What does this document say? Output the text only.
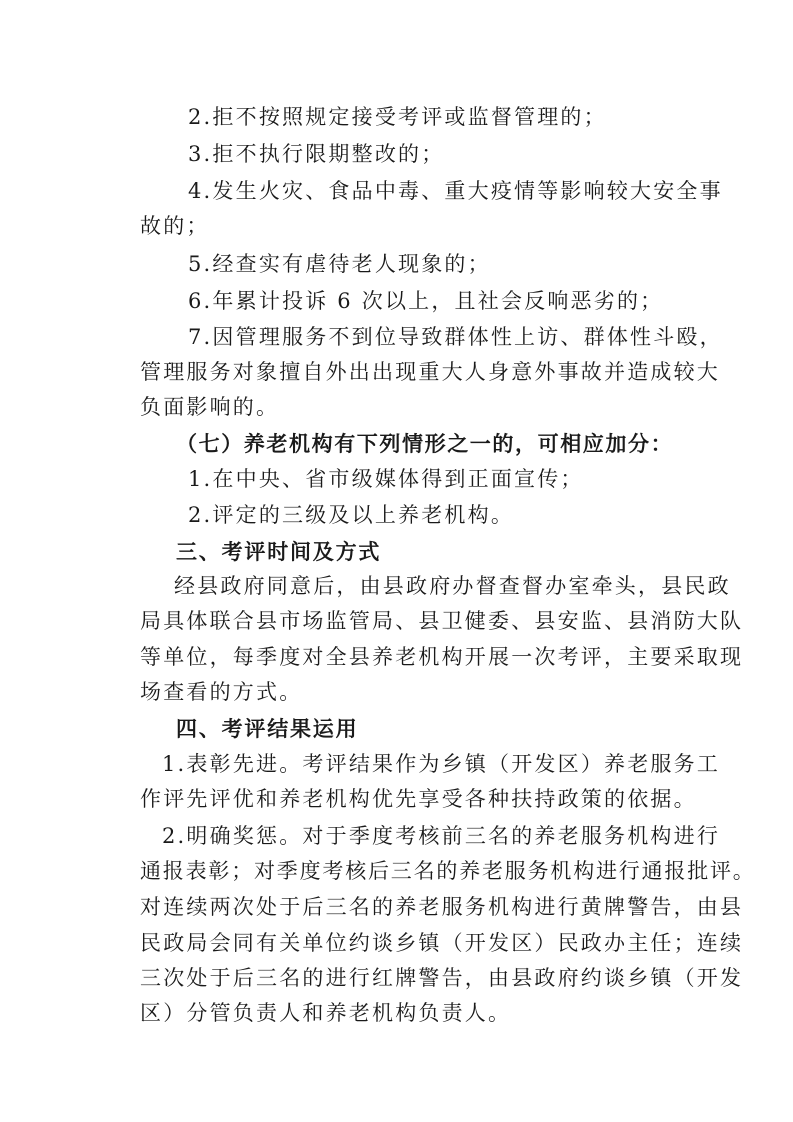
2.拒不按照规定接受考评或监督管理的；
3.拒不执行限期整改的；
4.发生火灾、食品中毒、重大疫情等影响较大安全事
故的；
5.经查实有虐待老人现象的；
6.年累计投诉 6 次以上，且社会反响恶劣的；
7.因管理服务不到位导致群体性上访、群体性斗殴，
管理服务对象擅自外出出现重大人身意外事故并造成较大
负面影响的。
（七）养老机构有下列情形之一的，可相应加分：
1.在中央、省市级媒体得到正面宣传；
2.评定的三级及以上养老机构。
三、考评时间及方式
经县政府同意后，由县政府办督查督办室牵头，县民政
局具体联合县市场监管局、县卫健委、县安监、县消防大队
等单位，每季度对全县养老机构开展一次考评，主要采取现
场查看的方式。
四、考评结果运用
1.表彰先进。考评结果作为乡镇（开发区）养老服务工
作评先评优和养老机构优先享受各种扶持政策的依据。
2.明确奖惩。对于季度考核前三名的养老服务机构进行
通报表彰；对季度考核后三名的养老服务机构进行通报批评。
对连续两次处于后三名的养老服务机构进行黄牌警告，由县
民政局会同有关单位约谈乡镇（开发区）民政办主任；连续
三次处于后三名的进行红牌警告，由县政府约谈乡镇（开发
区）分管负责人和养老机构负责人。
